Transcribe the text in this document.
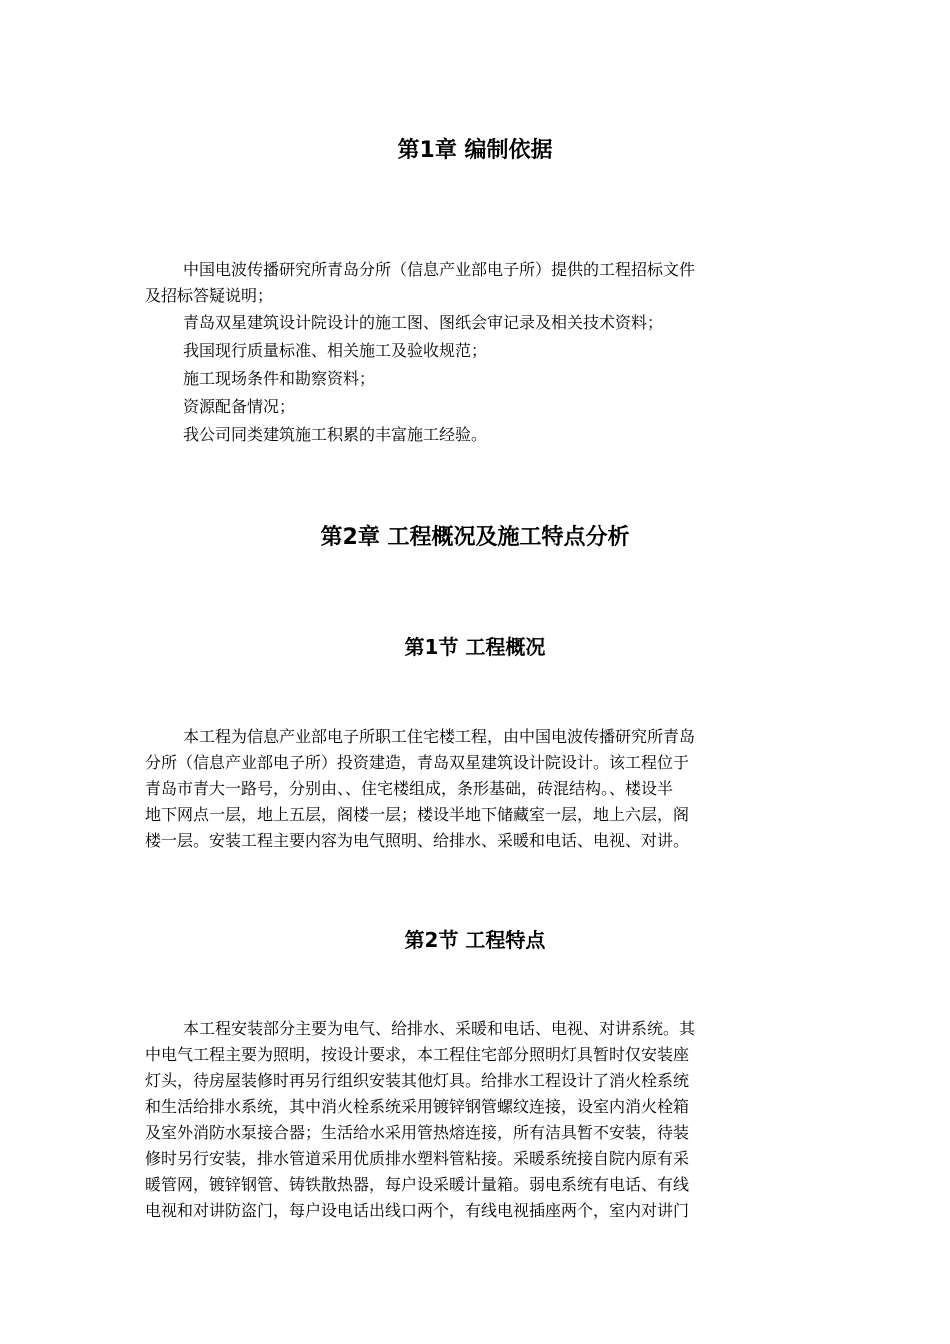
第1章 编制依据
中国电波传播研究所青岛分所（信息产业部电子所）提供的工程招标文件
及招标答疑说明；

青岛双星建筑设计院设计的施工图、图纸会审记录及相关技术资料；

我国现行质量标准、相关施工及验收规范；

施工现场条件和勘察资料；

资源配备情况；

我公司同类建筑施工积累的丰富施工经验。

第2章 工程概况及施工特点分析
第1节 工程概况
本工程为信息产业部电子所职工住宅楼工程，由中国电波传播研究所青岛
分所（信息产业部电子所）投资建造，青岛双星建筑设计院设计。该工程位于
青岛市青大一路号，分别由、、住宅楼组成，条形基础，砖混结构。、楼设半
地下网点一层，地上五层，阁楼一层；楼设半地下储藏室一层，地上六层，阁
楼一层。安装工程主要内容为电气照明、给排水、采暖和电话、电视、对讲。
第2节 工程特点
本工程安装部分主要为电气、给排水、采暖和电话、电视、对讲系统。其
中电气工程主要为照明，按设计要求，本工程住宅部分照明灯具暂时仅安装座
灯头，待房屋装修时再另行组织安装其他灯具。给排水工程设计了消火栓系统
和生活给排水系统，其中消火栓系统采用镀锌钢管螺纹连接，设室内消火栓箱
及室外消防水泵接合器；生活给水采用管热熔连接，所有洁具暂不安装，待装
修时另行安装，排水管道采用优质排水塑料管粘接。采暖系统接自院内原有采
暖管网，镀锌钢管、铸铁散热器，每户设采暖计量箱。弱电系统有电话、有线
电视和对讲防盗门，每户设电话出线口两个，有线电视插座两个，室内对讲门
